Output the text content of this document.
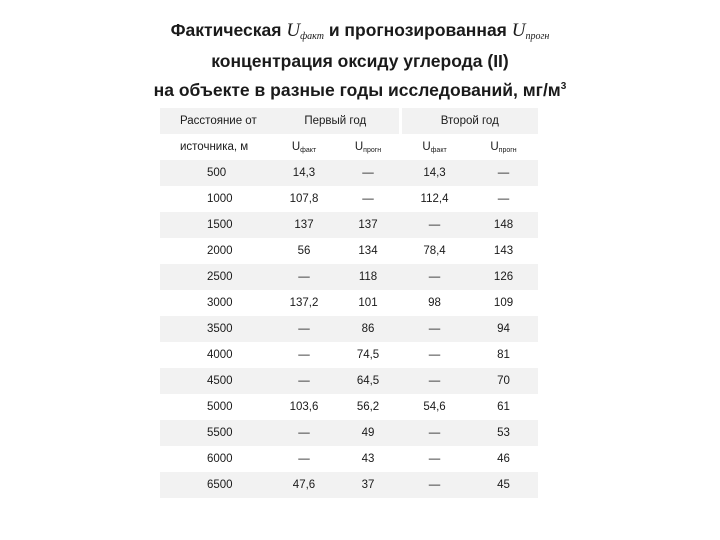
Фактическая $U_{факт}$ и прогнозированная $U_{прогн}$
концентрация оксиду углерода (II)
на объекте в разные годы исследований, $мг/м^3$
Расстояние от	Первый год		Второй год	
источника, м	$U_{факт}$	$U_{прогн}$	$U_{факт}$	$U_{прогн}$
500	14,3	—	14,3	—
1000	107,8	—	112,4	—
1500	137	137	—	148
2000	56	134	78,4	143
2500	—	118	—	126
3000	137,2	101	98	109
3500	—	86	—	94
4000	—	74,5	—	81
4500	—	64,5	—	70
5000	103,6	56,2	54,6	61
5500	—	49	—	53
6000	—	43	—	46
6500	47,6	37	—	45
